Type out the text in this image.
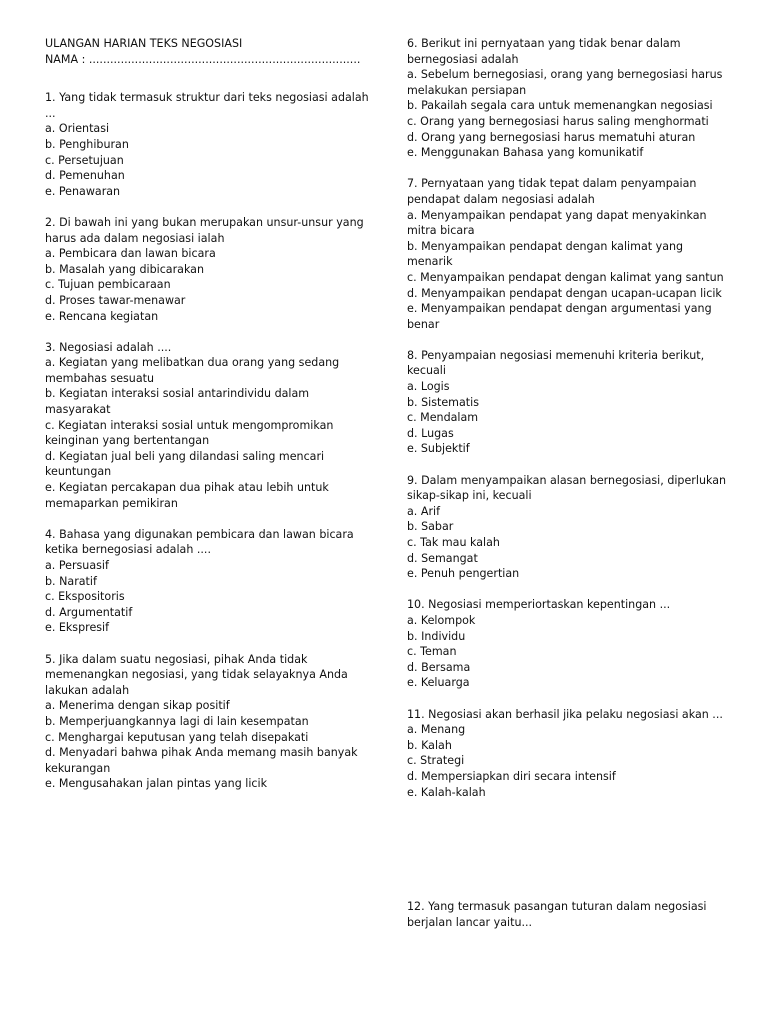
ULANGAN HARIAN TEKS NEGOSIASI

NAMA : .............................................................................

1. Yang tidak termasuk struktur dari teks negosiasi adalah ...

a. Orientasi

b. Penghiburan

c. Persetujuan

d. Pemenuhan

e. Penawaran

2. Di bawah ini yang bukan merupakan unsur-unsur yang harus ada dalam negosiasi ialah

a. Pembicara dan lawan bicara

b. Masalah yang dibicarakan

c. Tujuan pembicaraan

d. Proses tawar-menawar

e. Rencana kegiatan

3. Negosiasi adalah ....

a. Kegiatan yang melibatkan dua orang yang sedang membahas sesuatu

b. Kegiatan interaksi sosial antarindividu dalam masyarakat

c. Kegiatan interaksi sosial untuk mengompromikan keinginan yang bertentangan

d. Kegiatan jual beli yang dilandasi saling mencari keuntungan

e. Kegiatan percakapan dua pihak atau lebih untuk memaparkan pemikiran

4. Bahasa yang digunakan pembicara dan lawan bicara ketika bernegosiasi adalah ....

a. Persuasif

b. Naratif

c. Ekspositoris

d. Argumentatif

e. Ekspresif

5. Jika dalam suatu negosiasi, pihak Anda tidak memenangkan negosiasi, yang tidak selayaknya Anda lakukan adalah

a. Menerima dengan sikap positif

b. Memperjuangkannya lagi di lain kesempatan

c. Menghargai keputusan yang telah disepakati

d. Menyadari bahwa pihak Anda memang masih banyak kekurangan

e. Mengusahakan jalan pintas yang licik

6. Berikut ini pernyataan yang tidak benar dalam bernegosiasi adalah

a. Sebelum bernegosiasi, orang yang bernegosiasi harus melakukan persiapan

b. Pakailah segala cara untuk memenangkan negosiasi

c. Orang yang bernegosiasi harus saling menghormati

d. Orang yang bernegosiasi harus mematuhi aturan

e. Menggunakan Bahasa yang komunikatif

7. Pernyataan yang tidak tepat dalam penyampaian pendapat dalam negosiasi adalah

a. Menyampaikan pendapat yang dapat menyakinkan mitra bicara

b. Menyampaikan pendapat dengan kalimat yang menarik

c. Menyampaikan pendapat dengan kalimat yang santun

d. Menyampaikan pendapat dengan ucapan-ucapan licik

e. Menyampaikan pendapat dengan argumentasi yang benar

8. Penyampaian negosiasi memenuhi kriteria berikut, kecuali

a. Logis

b. Sistematis

c. Mendalam

d. Lugas

e. Subjektif

9. Dalam menyampaikan alasan bernegosiasi, diperlukan sikap-sikap ini, kecuali

a. Arif

b. Sabar

c. Tak mau kalah

d. Semangat

e. Penuh pengertian

10. Negosiasi memperiortaskan kepentingan ...

a. Kelompok

b. Individu

c. Teman

d. Bersama

e. Keluarga

11. Negosiasi akan berhasil jika pelaku negosiasi akan ...

a. Menang

b. Kalah

c. Strategi

d. Mempersiapkan diri secara intensif

e. Kalah-kalah

12. Yang termasuk pasangan tuturan dalam negosiasi berjalan lancar yaitu...
